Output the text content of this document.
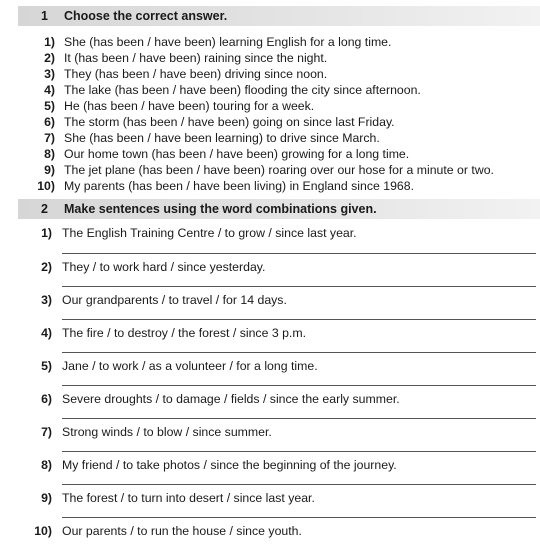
1 Choose the correct answer.
1) She (has been / have been) learning English for a long time.
2) It (has been / have been) raining since the night.
3) They (has been / have been) driving since noon.
4) The lake (has been / have been) flooding the city since afternoon.
5) He (has been / have been) touring for a week.
6) The storm (has been / have been) going on since last Friday.
7) She (has been / have been learning) to drive since March.
8) Our home town (has been / have been) growing for a long time.
9) The jet plane (has been / have been) roaring over our hose for a minute or two.
10) My parents (has been / have been living) in England since 1968.
2 Make sentences using the word combinations given.
1) The English Training Centre / to grow / since last year.
2) They / to work hard / since yesterday.
3) Our grandparents / to travel / for 14 days.
4) The fire / to destroy / the forest / since 3 p.m.
5) Jane / to work / as a volunteer / for a long time.
6) Severe droughts / to damage / fields / since the early summer.
7) Strong winds / to blow / since summer.
8) My friend / to take photos / since the beginning of the journey.
9) The forest / to turn into desert / since last year.
10) Our parents / to run the house / since youth.
